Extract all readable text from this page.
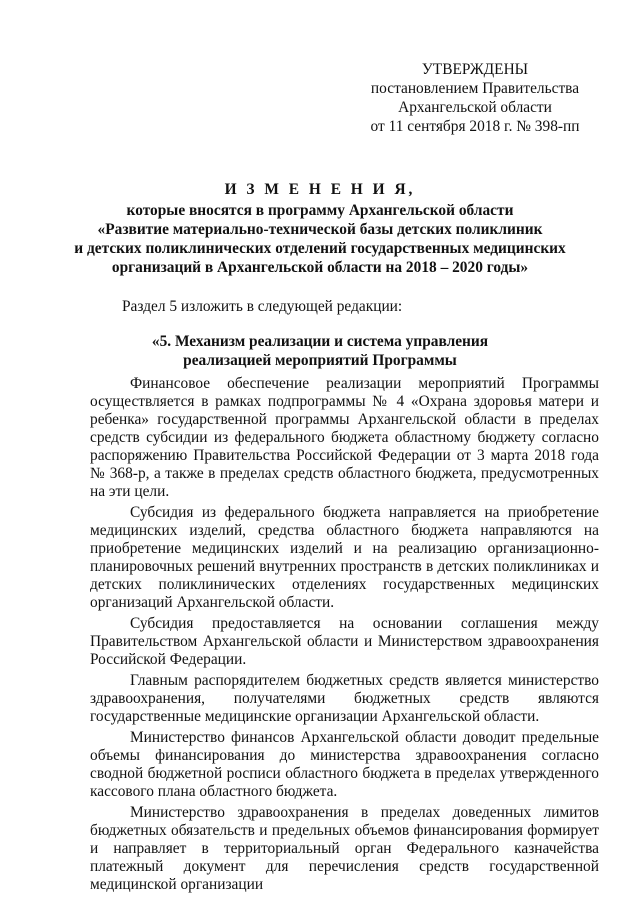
УТВЕРЖДЕНЫ
постановлением Правительства
Архангельской области
от 11 сентября 2018 г. № 398-пп
И З М Е Н Е Н И Я,
которые вносятся в программу Архангельской области
«Развитие материально-технической базы детских поликлиник
и детских поликлинических отделений государственных медицинских
организаций в Архангельской области на 2018 – 2020 годы»
Раздел 5 изложить в следующей редакции:
«5. Механизм реализации и система управления
реализацией мероприятий Программы

Финансовое обеспечение реализации мероприятий Программы осуществляется в рамках подпрограммы № 4 «Охрана здоровья матери и ребенка» государственной программы Архангельской области в пределах средств субсидии из федерального бюджета областному бюджету согласно распоряжению Правительства Российской Федерации от 3 марта 2018 года № 368-р, а также в пределах средств областного бюджета, предусмотренных на эти цели.

Субсидия из федерального бюджета направляется на приобретение медицинских изделий, средства областного бюджета направляются на приобретение медицинских изделий и на реализацию организационно-планировочных решений внутренних пространств в детских поликлиниках и детских поликлинических отделениях государственных медицинских организаций Архангельской области.

Субсидия предоставляется на основании соглашения между Правительством Архангельской области и Министерством здравоохранения Российской Федерации.

Главным распорядителем бюджетных средств является министерство здравоохранения, получателями бюджетных средств являются государственные медицинские организации Архангельской области.

Министерство финансов Архангельской области доводит предельные объемы финансирования до министерства здравоохранения согласно сводной бюджетной росписи областного бюджета в пределах утвержденного кассового плана областного бюджета.

Министерство здравоохранения в пределах доведенных лимитов бюджетных обязательств и предельных объемов финансирования формирует и направляет в территориальный орган Федерального казначейства платежный документ для перечисления средств государственной медицинской организации
